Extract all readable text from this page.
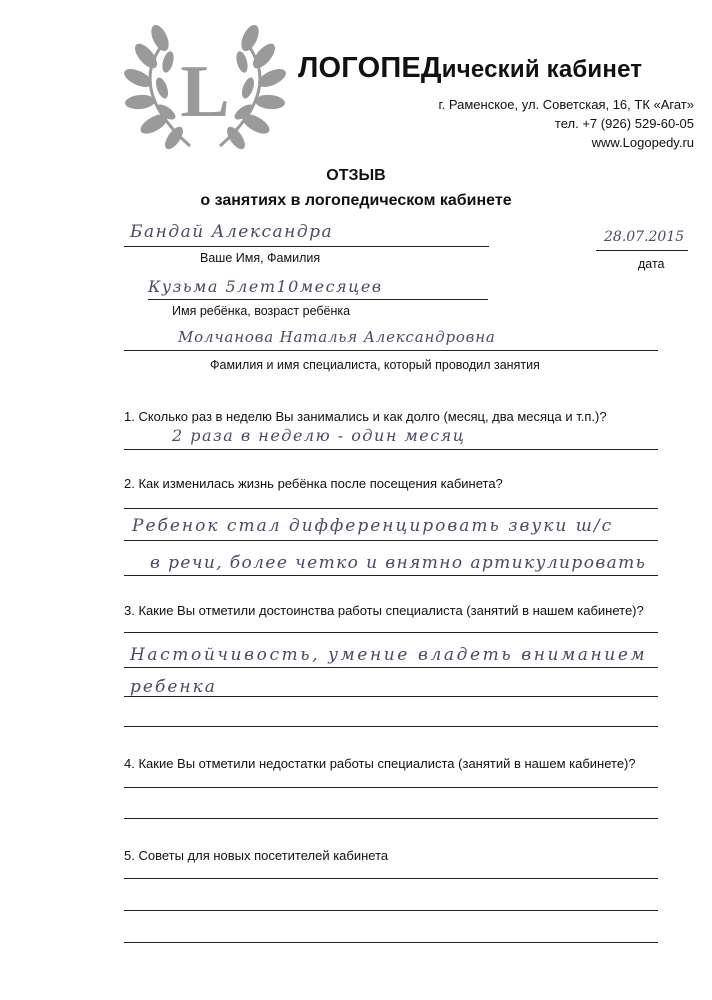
L ЛОГОПЕДический кабинет
г. Раменское, ул. Советская, 16, ТК «Агат»
тел. +7 (926) 529-60-05
www.Logopedy.ru
ОТЗЫВ
о занятиях в логопедическом кабинете
Бандай Александра
Ваше Имя, Фамилия
28.07.2015
дата
Кузьма 5лет10месяцев
Имя ребёнка, возраст ребёнка
Молчанова Наталья Александровна
Фамилия и имя специалиста, который проводил занятия
1. Сколько раз в неделю Вы занимались и как долго (месяц, два месяца и т.п.)?
2 раза в неделю - один месяц
2. Как изменилась жизнь ребёнка после посещения кабинета?
Ребенок стал дифференцировать звуки ш/с
в речи, более четко и внятно артикулировать
3. Какие Вы отметили достоинства работы специалиста (занятий в нашем кабинете)?
Настойчивость, умение владеть вниманием
ребенка
4. Какие Вы отметили недостатки работы специалиста (занятий в нашем кабинете)?
5. Советы для новых посетителей кабинета
